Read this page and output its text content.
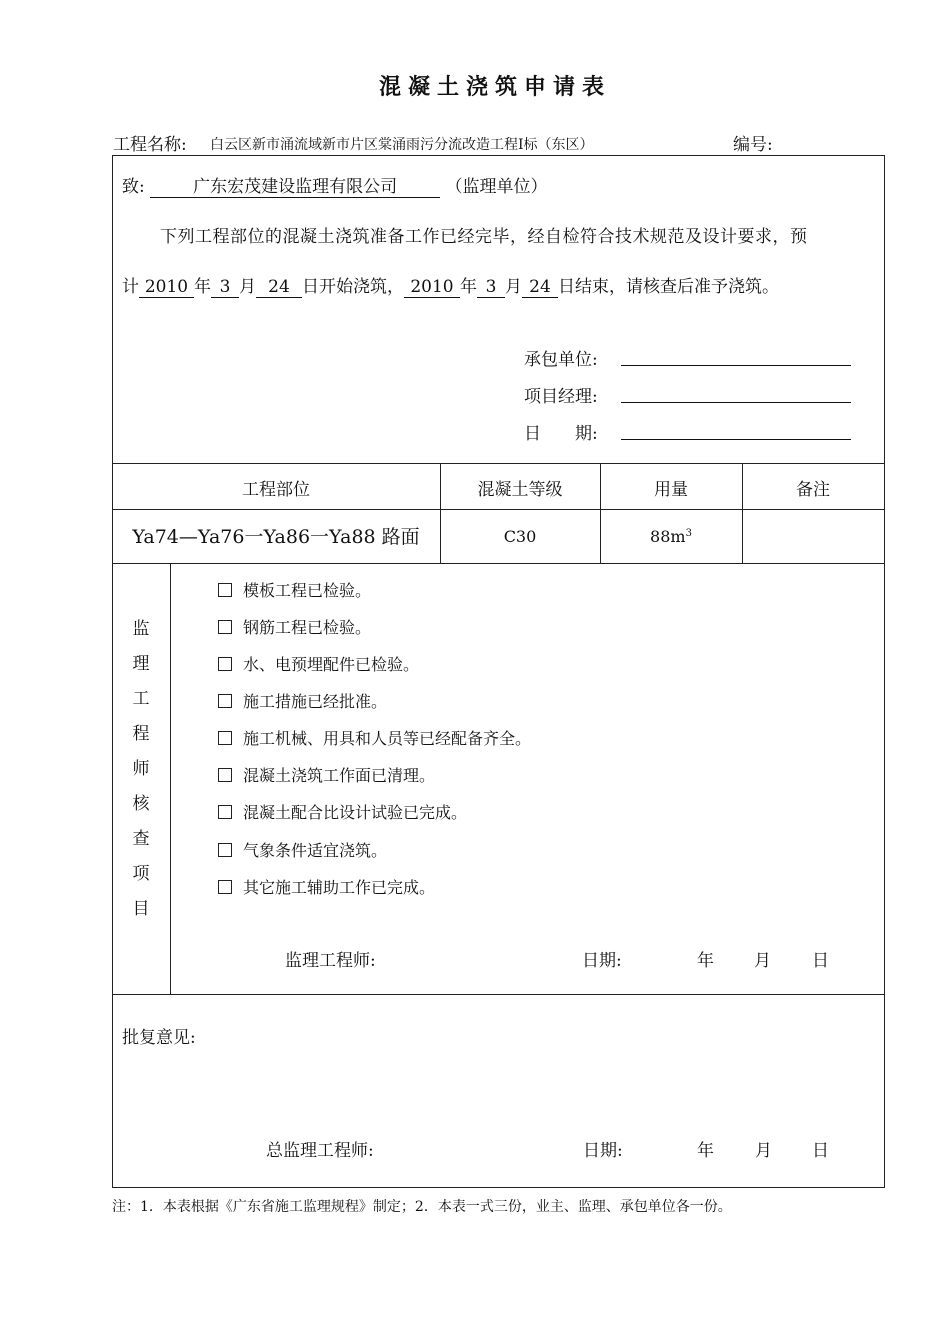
混凝土浇筑申请表
工程名称: 白云区新市涌流域新市片区棠涌雨污分流改造工程Ⅰ标（东区）	编号:
致:	广东宏茂建设监理有限公司	（监理单位）
下列工程部位的混凝土浇筑准备工作已经完毕，经自检符合技术规范及设计要求，预
计 2010 年 3 月 24 日开始浇筑， 2010 年 3 月 24 日结束，请核查后准予浇筑。
承包单位:
项目经理:
日　　期:
工程部位	混凝土等级	用量	备注
Ya74—Ya76一Ya86一Ya88 路面	C30	$88m^3$
监
理
工
程
师
核
查
项
目
模板工程已检验。
钢筋工程已检验。
水、电预埋配件已检验。
施工措施已经批准。
施工机械、用具和人员等已经配备齐全。
混凝土浇筑工作面已清理。
混凝土配合比设计试验已完成。
气象条件适宜浇筑。
其它施工辅助工作已完成。
监理工程师:	日期:	年 月 日
批复意见:
总监理工程师:	日期:	年 月 日
注：1．本表根据《广东省施工监理规程》制定；2．本表一式三份，业主、监理、承包单位各一份。
